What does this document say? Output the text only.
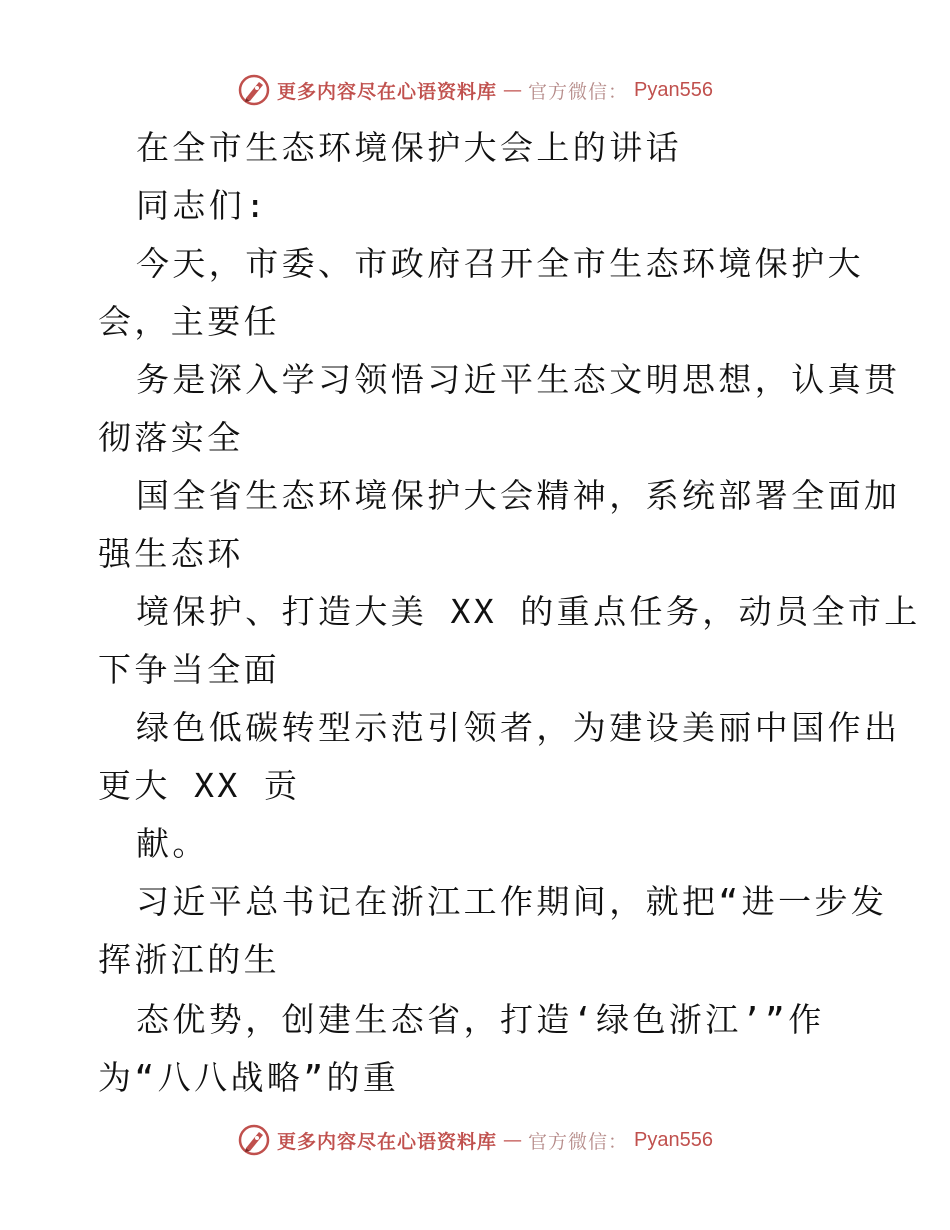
更多内容尽在心语资料库 — 官方微信： Pyan556
在全市生态环境保护大会上的讲话
同志们:
今天，市委、市政府召开全市生态环境保护大
会，主要任
务是深入学习领悟习近平生态文明思想，认真贯
彻落实全
国全省生态环境保护大会精神，系统部署全面加
强生态环
境保护、打造大美 XX 的重点任务，动员全市上
下争当全面
绿色低碳转型示范引领者，为建设美丽中国作出
更大 XX 贡
献。
习近平总书记在浙江工作期间，就把“进一步发
挥浙江的生
态优势，创建生态省，打造‘绿色浙江’”作
为“八八战略”的重
更多内容尽在心语资料库 — 官方微信： Pyan556
